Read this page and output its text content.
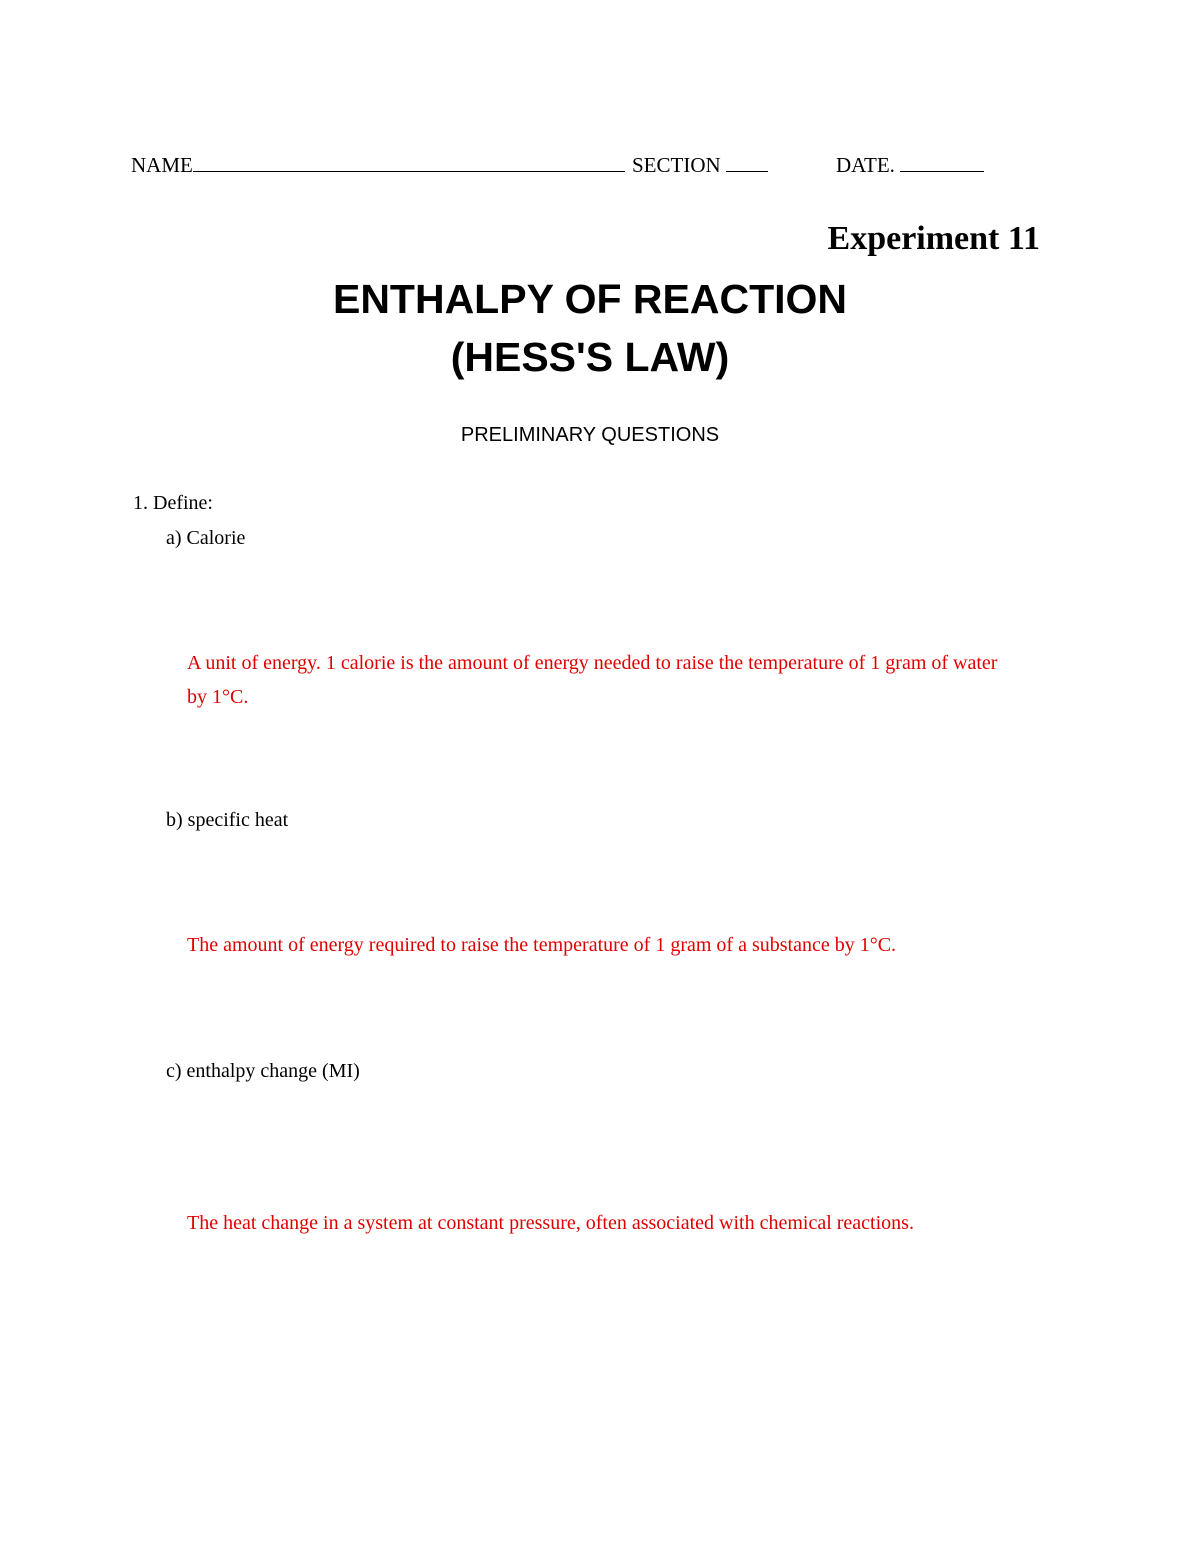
NAME	SECTION	DATE.
Experiment 11
ENTHALPY OF REACTION
(HESS'S LAW)
PRELIMINARY QUESTIONS
1. Define:
a) Calorie
A unit of energy. 1 calorie is the amount of energy needed to raise the temperature of 1 gram of water by 1°C.
b) specific heat
The amount of energy required to raise the temperature of 1 gram of a substance by 1°C.
c) enthalpy change (MI)
The heat change in a system at constant pressure, often associated with chemical reactions.
